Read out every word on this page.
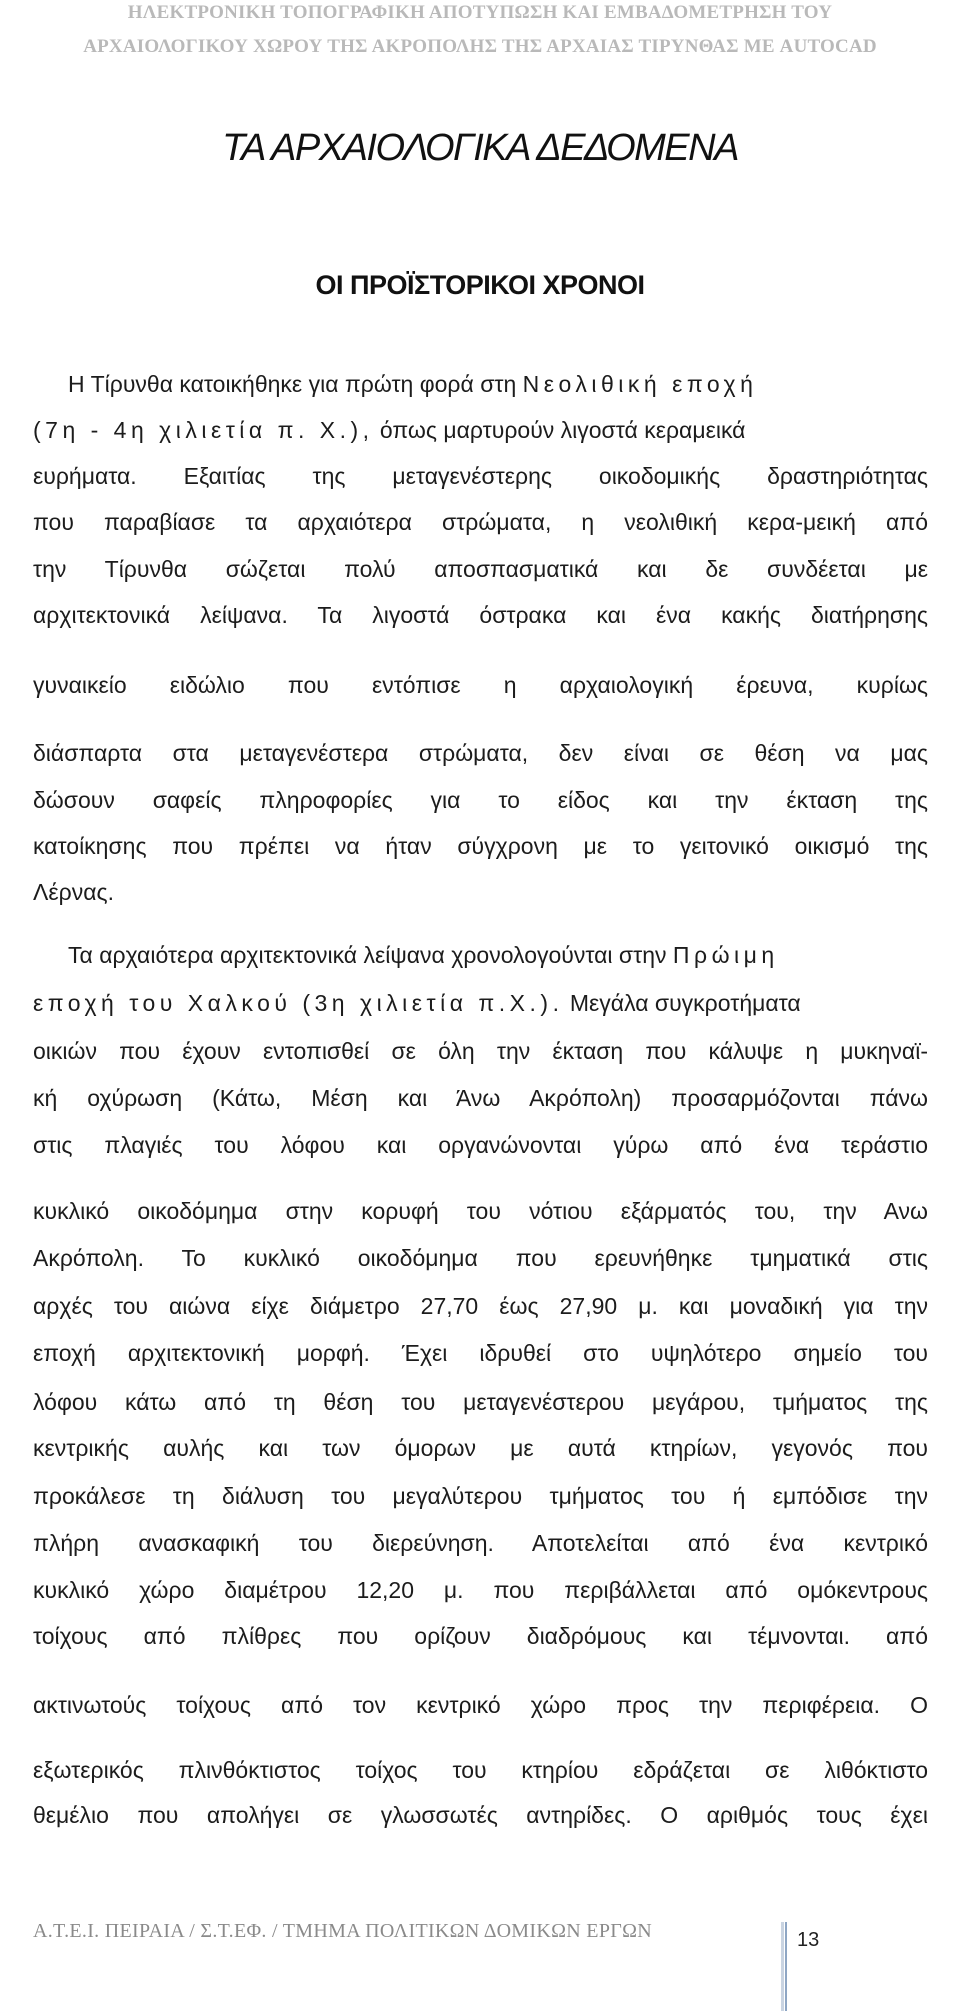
ΗΛΕΚΤΡΟΝΙΚΗ ΤΟΠΟΓΡΑΦΙΚΗ ΑΠΟΤΥΠΩΣΗ ΚΑΙ ΕΜΒΑΔΟΜΕΤΡΗΣΗ ΤΟΥ
ΑΡΧΑΙΟΛΟΓΙΚΟΥ ΧΩΡΟΥ ΤΗΣ ΑΚΡΟΠΟΛΗΣ ΤΗΣ ΑΡΧΑΙΑΣ ΤΙΡΥΝΘΑΣ ΜΕ AUTOCAD
ΤΑ ΑΡΧΑΙΟΛΟΓΙΚΑ ΔΕΔΟΜΕΝΑ
ΟΙ ΠΡΟΪΣΤΟΡΙΚΟΙ ΧΡΟΝΟΙ
Η Τίρυνθα κατοικήθηκε για πρώτη φορά στη Νεολιθική εποχή
(7η - 4η χιλιετία π. Χ.), όπως μαρτυρούν λιγοστά κεραμεικά
ευρήματα. Εξαιτίας της μεταγενέστερης οικοδομικής δραστηριότητας
που παραβίασε τα αρχαιότερα στρώματα, η νεολιθική κερα-μεική από
την Τίρυνθα σώζεται πολύ αποσπασματικά και δε συνδέεται με
αρχιτεκτονικά λείψανα. Τα λιγοστά όστρακα και ένα κακής διατήρησης
γυναικείο ειδώλιο που εντόπισε η αρχαιολογική έρευνα, κυρίως
διάσπαρτα στα μεταγενέστερα στρώματα, δεν είναι σε θέση να μας
δώσουν σαφείς πληροφορίες για το είδος και την έκταση της
κατοίκησης που πρέπει να ήταν σύγχρονη με το γειτονικό οικισμό της
Λέρνας.
Τα αρχαιότερα αρχιτεκτονικά λείψανα χρονολογούνται στην Πρώιμη
εποχή του Χαλκού (3η χιλιετία π.Χ.). Μεγάλα συγκροτήματα
οικιών που έχουν εντοπισθεί σε όλη την έκταση που κάλυψε η μυκηναϊ-
κή οχύρωση (Κάτω, Μέση και Άνω Ακρόπολη) προσαρμόζονται πάνω
στις πλαγιές του λόφου και οργανώνονται γύρω από ένα τεράστιο
κυκλικό οικοδόμημα στην κορυφή του νότιου εξάρματός του, την Ανω
Ακρόπολη. Το κυκλικό οικοδόμημα που ερευνήθηκε τμηματικά στις
αρχές του αιώνα είχε διάμετρο 27,70 έως 27,90 μ. και μοναδική για την
εποχή αρχιτεκτονική μορφή. Έχει ιδρυθεί στο υψηλότερο σημείο του
λόφου κάτω από τη θέση του μεταγενέστερου μεγάρου, τμήματος της
κεντρικής αυλής και των όμορων με αυτά κτηρίων, γεγονός που
προκάλεσε τη διάλυση του μεγαλύτερου τμήματος του ή εμπόδισε την
πλήρη ανασκαφική του διερεύνηση. Αποτελείται από ένα κεντρικό
κυκλικό χώρο διαμέτρου 12,20 μ. που περιβάλλεται από ομόκεντρους
τοίχους από πλίθρες που ορίζουν διαδρόμους και τέμνονται. από
ακτινωτούς τοίχους από τον κεντρικό χώρο προς την περιφέρεια. Ο
εξωτερικός πλινθόκτιστος τοίχος του κτηρίου εδράζεται σε λιθόκτιστο
θεμέλιο που απολήγει σε γλωσσωτές αντηρίδες. Ο αριθμός τους έχει
Α.Τ.Ε.Ι. ΠΕΙΡΑΙΑ / Σ.Τ.ΕΦ. / ΤΜΗΜΑ ΠΟΛΙΤΙΚΩΝ ΔΟΜΙΚΩΝ ΕΡΓΩΝ	13
